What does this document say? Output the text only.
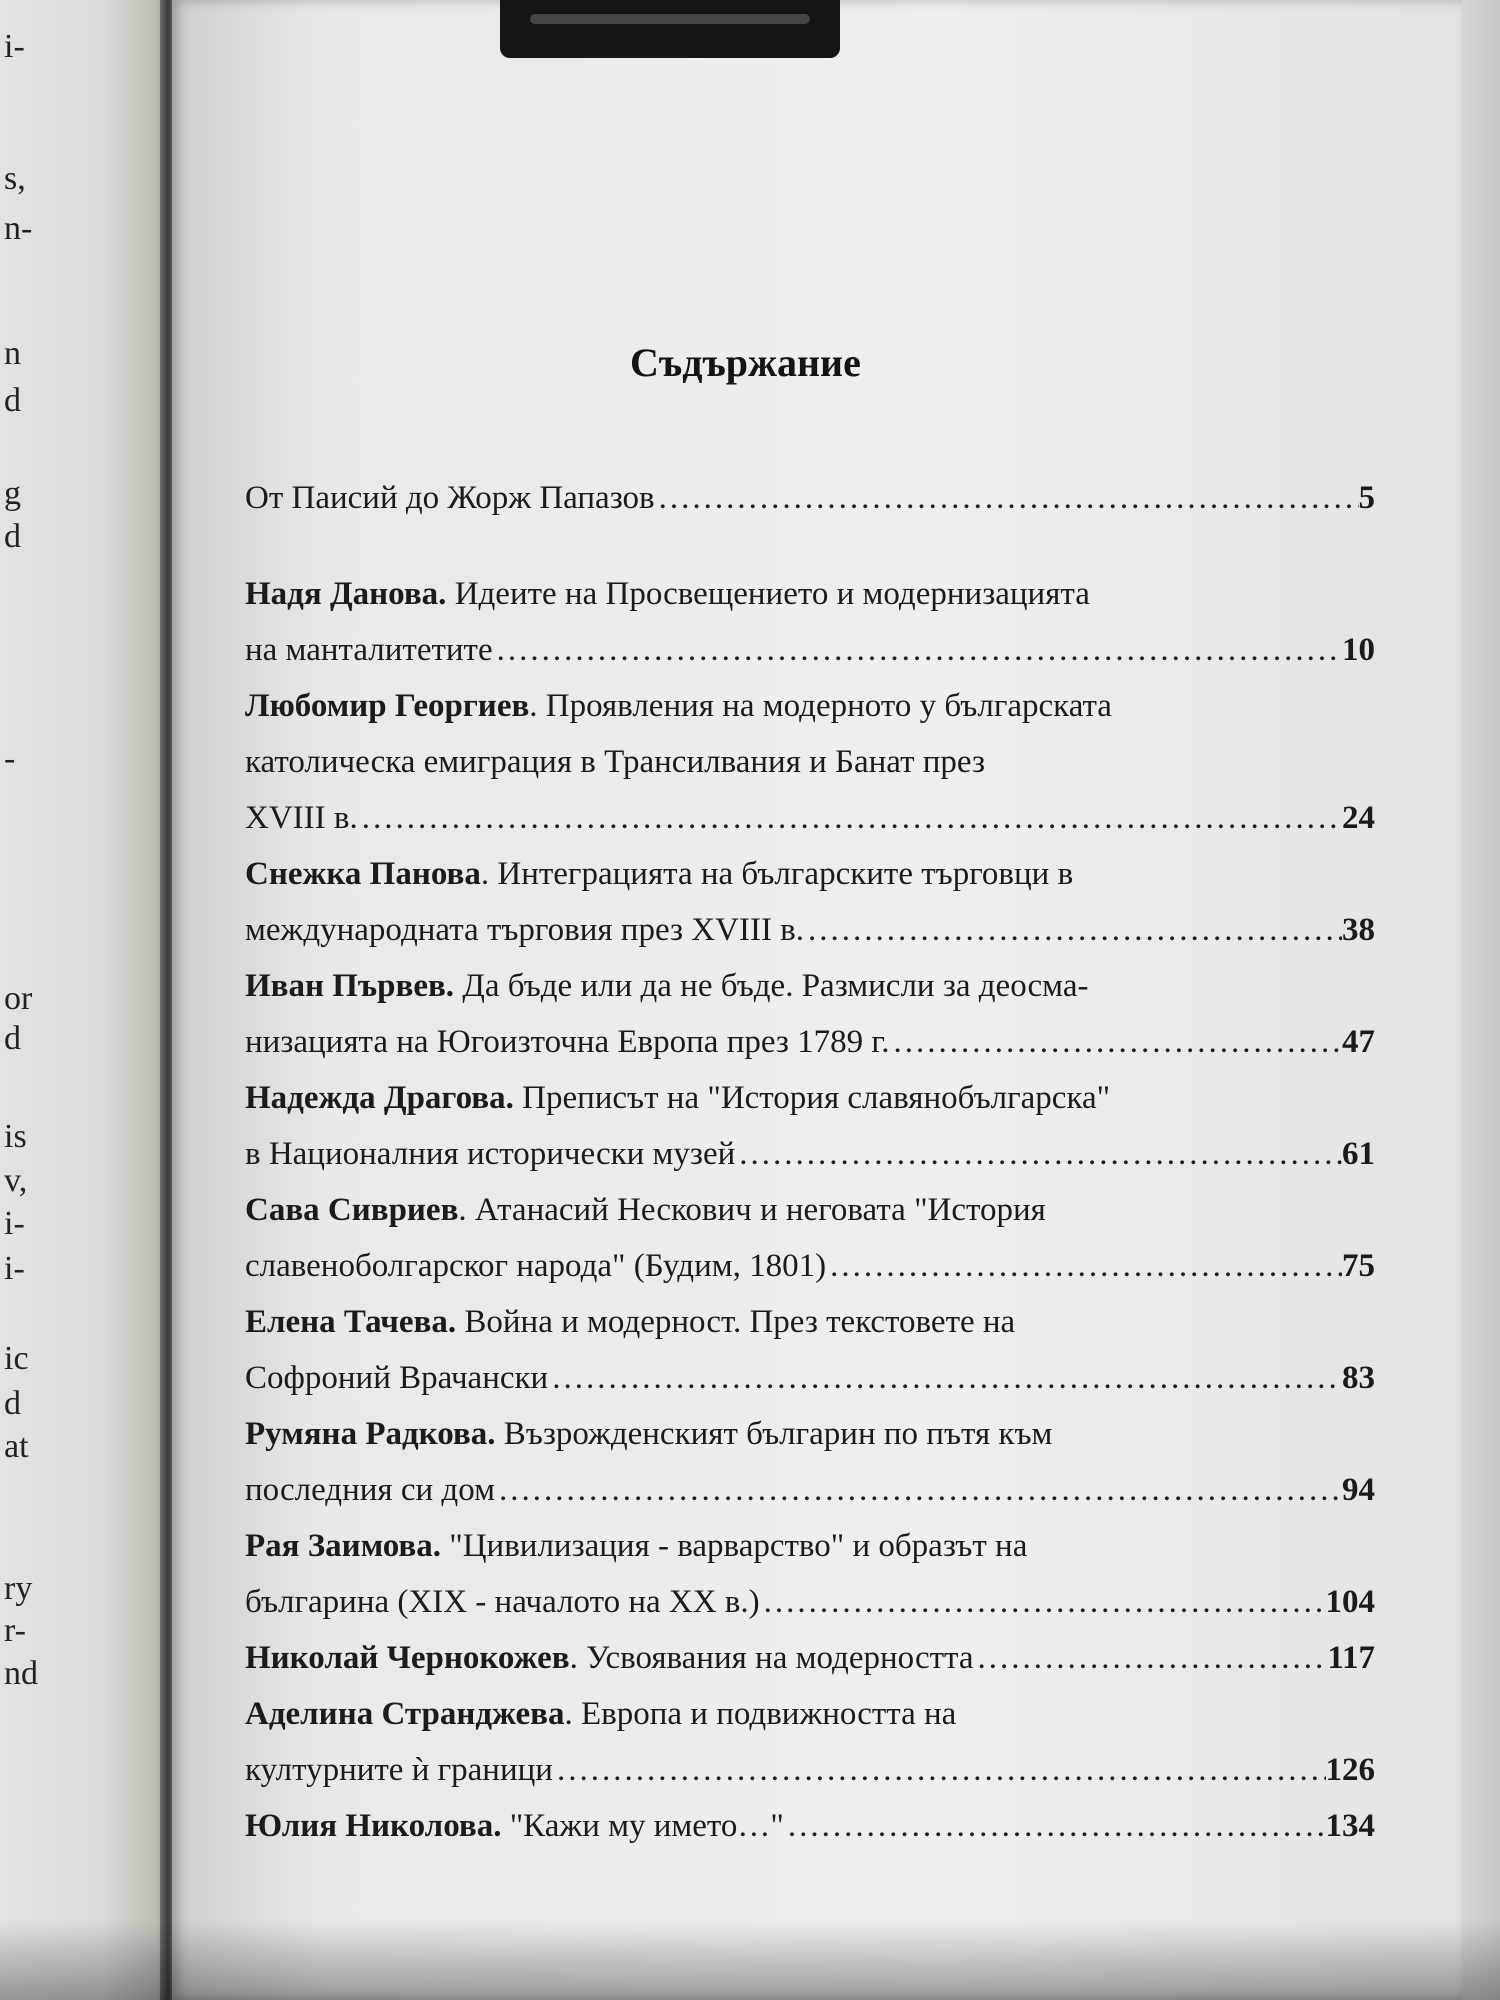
i-
s,
n-
n
d
g
d
-
or
d
is
v,
i-
i-
ic
d
at
ry
r-
nd
Съдържание
От Паисий до Жорж Папазов .....	5
Надя Данова. Идеите на Просвещението и модернизацията
на манталитетите .....	10
Любомир Георгиев. Проявления на модерното у българската
католическа емиграция в Трансилвания и Банат през
XVIII в. .....	24
Снежка Панова. Интеграцията на българските търговци в
международната търговия през XVIII в. .....	38
Иван Първев. Да бъде или да не бъде. Размисли за деосма-
низацията на Югоизточна Европа през 1789 г. .....	47
Надежда Драгова. Преписът на "История славянобългарска"
в Националния исторически музей .....	61
Сава Сивриев. Атанасий Нескович и неговата "История
славеноболгарског народа" (Будим, 1801) .....	75
Елена Тачева. Война и модерност. През текстовете на
Софроний Врачански .....	83
Румяна Радкова. Възрожденският българин по пътя към
последния си дом .....	94
Рая Заимова. "Цивилизация - варварство" и образът на
българина (XIX - началото на XX в.) .....	104
Николай Чернокожев. Усвоявания на модерността .....	117
Аделина Странджева. Европа и подвижността на
културните ѝ граници .....	126
Юлия Николова. "Кажи му името…" .....	134
